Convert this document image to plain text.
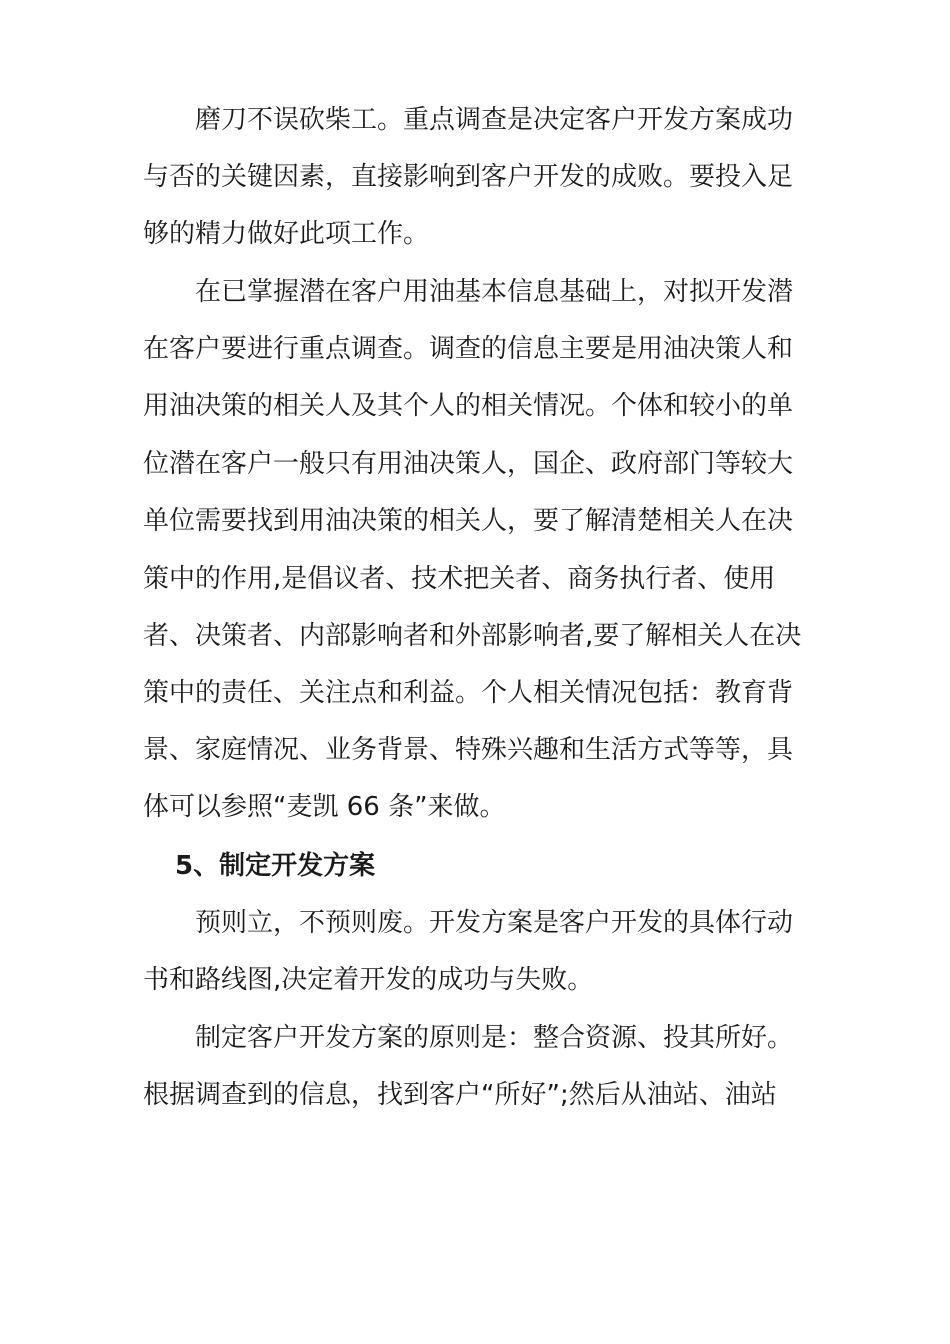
磨刀不误砍柴工。重点调查是决定客户开发方案成功
与否的关键因素，直接影响到客户开发的成败。要投入足
够的精力做好此项工作。
在已掌握潜在客户用油基本信息基础上，对拟开发潜
在客户要进行重点调查。调查的信息主要是用油决策人和
用油决策的相关人及其个人的相关情况。个体和较小的单
位潜在客户一般只有用油决策人，国企、政府部门等较大
单位需要找到用油决策的相关人，要了解清楚相关人在决
策中的作用,是倡议者、技术把关者、商务执行者、使用
者、决策者、内部影响者和外部影响者,要了解相关人在决
策中的责任、关注点和利益。个人相关情况包括：教育背
景、家庭情况、业务背景、特殊兴趣和生活方式等等，具
体可以参照“麦凯 66 条”来做。
5、制定开发方案
预则立，不预则废。开发方案是客户开发的具体行动
书和路线图,决定着开发的成功与失败。
制定客户开发方案的原则是：整合资源、投其所好。
根据调查到的信息，找到客户“所好”;然后从油站、油站
